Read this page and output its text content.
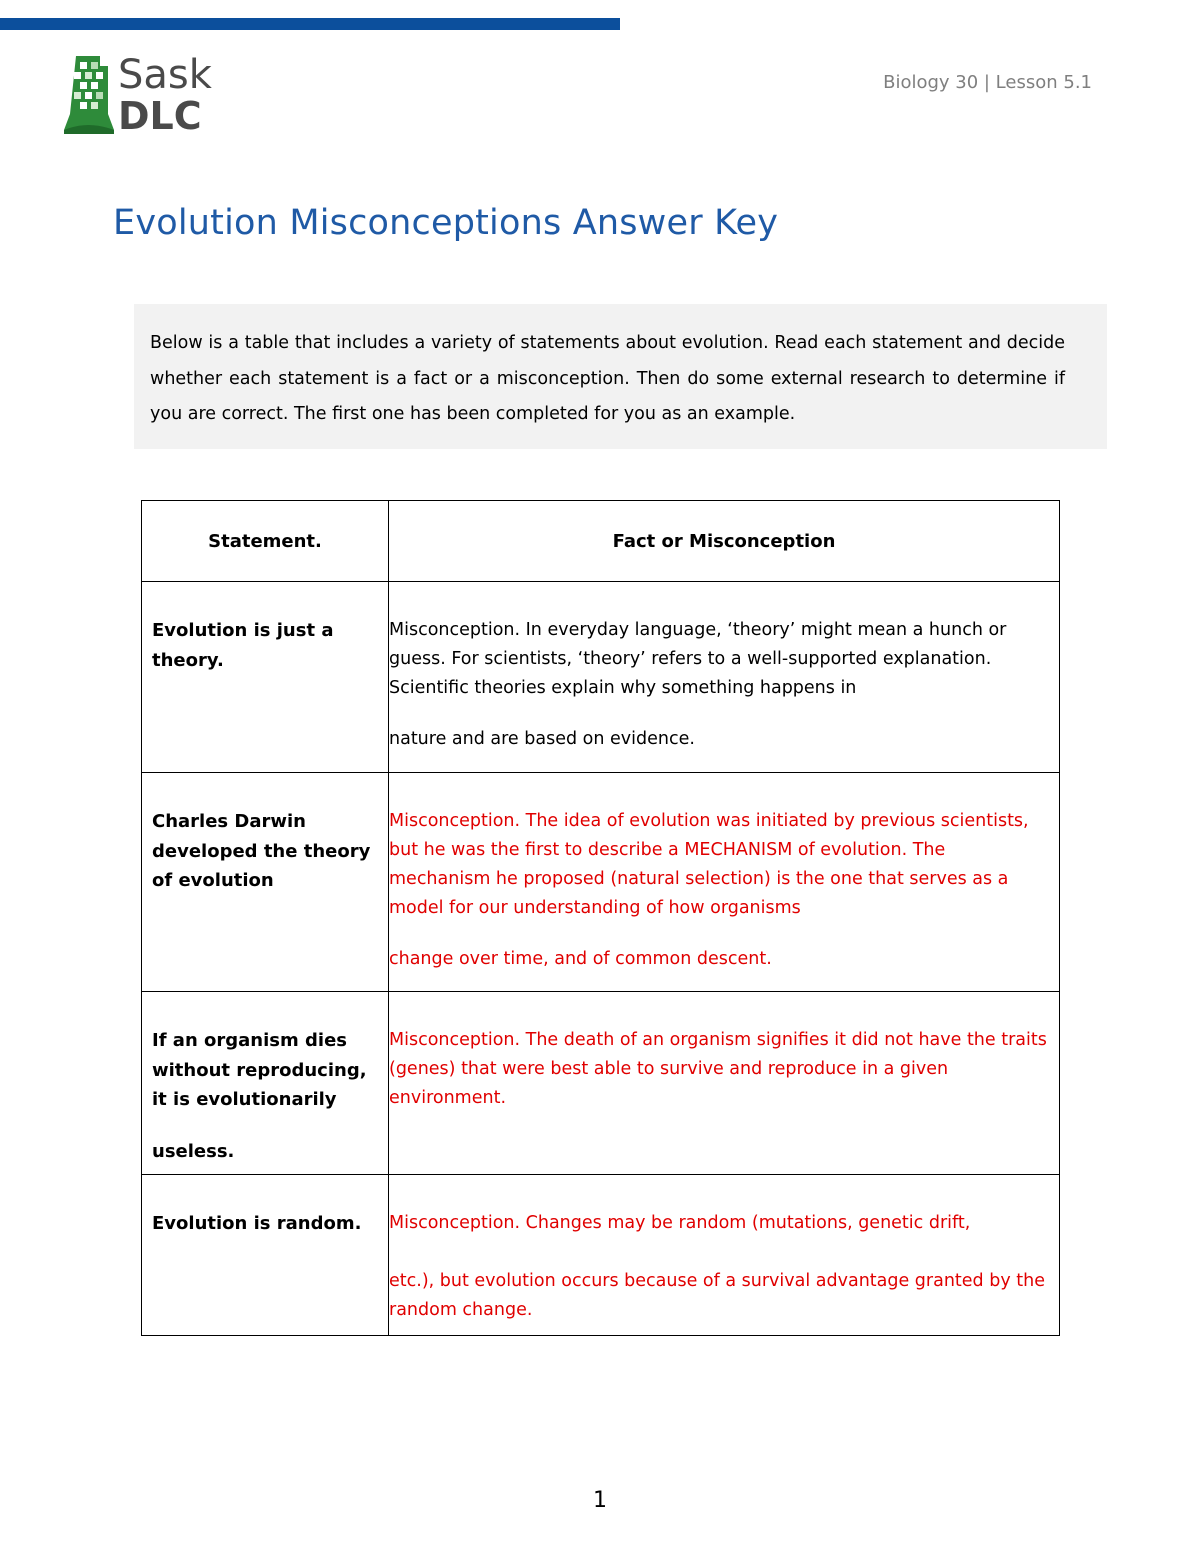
Sask
DLC
Biology 30 | Lesson 5.1
Evolution Misconceptions Answer Key

Below is a table that includes a variety of statements about evolution. Read each statement and decide whether each statement is a fact or a misconception. Then do some external research to determine if you are correct. The first one has been completed for you as an example.

Statement.	Fact or Misconception

Evolution is just a theory.	Misconception. In everyday language, ‘theory’ might mean a hunch or guess. For scientists, ‘theory’ refers to a well-supported explanation. Scientific theories explain why something happens in
nature and are based on evidence.

Charles Darwin developed the theory of evolution	Misconception. The idea of evolution was initiated by previous scientists, but he was the first to describe a MECHANISM of evolution. The mechanism he proposed (natural selection) is the one that serves as a model for our understanding of how organisms
change over time, and of common descent.

If an organism dies without reproducing, it is evolutionarily
useless.	Misconception. The death of an organism signifies it did not have the traits (genes) that were best able to survive and reproduce in a given environment.

Evolution is random.	Misconception. Changes may be random (mutations, genetic drift,
etc.), but evolution occurs because of a survival advantage granted by the random change.
1
